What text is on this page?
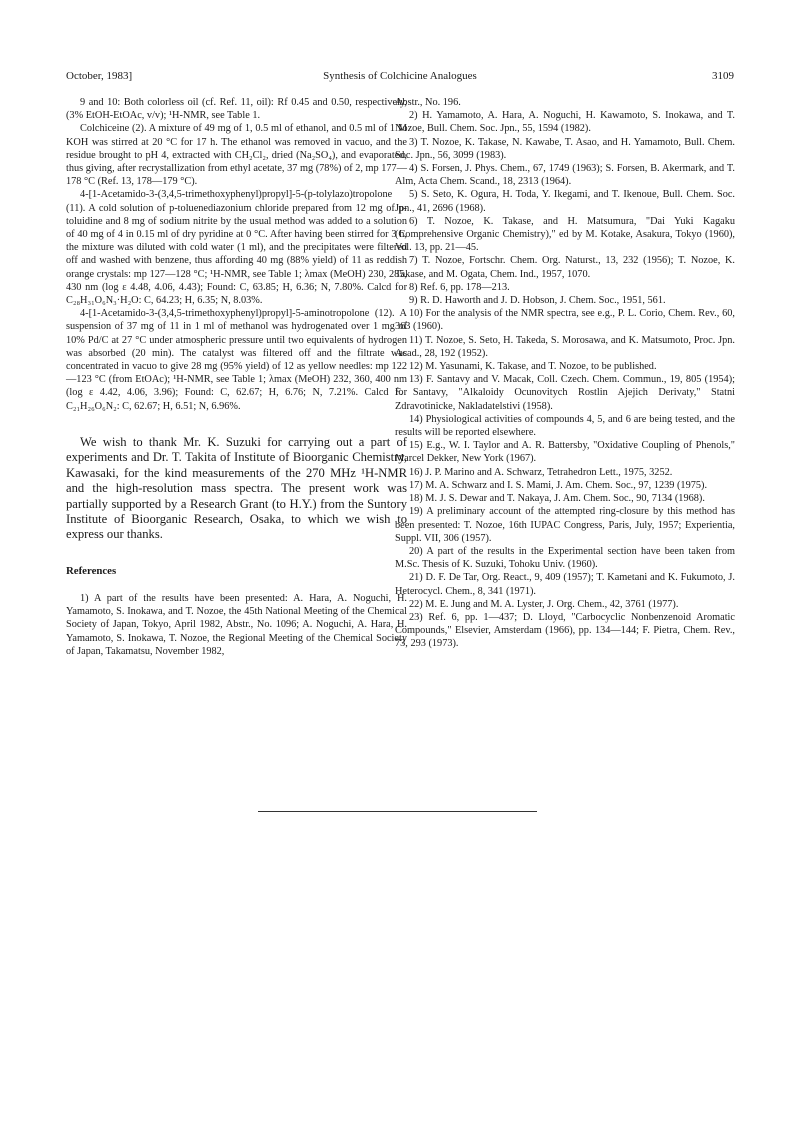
October, 1983]	Synthesis of Colchicine Analogues	3109

9 and 10: Both colorless oil (cf. Ref. 11, oil): Rf 0.45 and 0.50, respectively, (3% EtOH-EtOAc, v/v); ¹H-NMR, see Table 1.

Colchiceine (2). A mixture of 49 mg of 1, 0.5 ml of ethanol, and 0.5 ml of 1 M KOH was stirred at 20 °C for 17 h. The ethanol was removed in vacuo, and the residue brought to pH 4, extracted with CH₂Cl₂, dried (Na₂SO₄), and evaporated, thus giving, after recrystallization from ethyl acetate, 37 mg (78%) of 2, mp 177—178 °C (Ref. 13, 178—179 °C).

4-[1-Acetamido-3-(3,4,5-trimethoxyphenyl)propyl]-5-(p-tolylazo)tropolone (11). A cold solution of p-toluenediazonium chloride prepared from 12 mg of p-toluidine and 8 mg of sodium nitrite by the usual method was added to a solution of 40 mg of 4 in 0.15 ml of dry pyridine at 0 °C. After having been stirred for 3 h, the mixture was diluted with cold water (1 ml), and the precipitates were filtered off and washed with benzene, thus affording 40 mg (88% yield) of 11 as reddish orange crystals: mp 127—128 °C; ¹H-NMR, see Table 1; λmax (MeOH) 230, 285, 430 nm (log ε 4.48, 4.06, 4.43); Found: C, 63.85; H, 6.36; N, 7.80%. Calcd for C₂₈H₃₁O₆N₃·H₂O: C, 64.23; H, 6.35; N, 8.03%.

4-[1-Acetamido-3-(3,4,5-trimethoxyphenyl)propyl]-5-aminotropolone (12). A suspension of 37 mg of 11 in 1 ml of methanol was hydrogenated over 1 mg of 10% Pd/C at 27 °C under atmospheric pressure until two equivalents of hydrogen was absorbed (20 min). The catalyst was filtered off and the filtrate was concentrated in vacuo to give 28 mg (95% yield) of 12 as yellow needles: mp 122—123 °C (from EtOAc); ¹H-NMR, see Table 1; λmax (MeOH) 232, 360, 400 nm (log ε 4.42, 4.06, 3.96); Found: C, 62.67; H, 6.76; N, 7.21%. Calcd for C₂₁H₂₆O₆N₂: C, 62.67; H, 6.51; N, 6.96%.

We wish to thank Mr. K. Suzuki for carrying out a part of experiments and Dr. T. Takita of Institute of Bioorganic Chemistry, Kawasaki, for the kind measurements of the 270 MHz ¹H-NMR and the high-resolution mass spectra. The present work was partially supported by a Research Grant (to H.Y.) from the Suntory Institute of Bioorganic Research, Osaka, to which we wish to express our thanks.

References

1) A part of the results have been presented: A. Hara, A. Noguchi, H. Yamamoto, S. Inokawa, and T. Nozoe, the 45th National Meeting of the Chemical Society of Japan, Tokyo, April 1982, Abstr., No. 1096; A. Noguchi, A. Hara, H. Yamamoto, S. Inokawa, T. Nozoe, the Regional Meeting of the Chemical Society of Japan, Takamatsu, November 1982,

Abstr., No. 196.

2) H. Yamamoto, A. Hara, A. Noguchi, H. Kawamoto, S. Inokawa, and T. Nozoe, Bull. Chem. Soc. Jpn., 55, 1594 (1982).

3) T. Nozoe, K. Takase, N. Kawabe, T. Asao, and H. Yamamoto, Bull. Chem. Soc. Jpn., 56, 3099 (1983).

4) S. Forsen, J. Phys. Chem., 67, 1749 (1963); S. Forsen, B. Akermark, and T. Alm, Acta Chem. Scand., 18, 2313 (1964).

5) S. Seto, K. Ogura, H. Toda, Y. Ikegami, and T. Ikenoue, Bull. Chem. Soc. Jpn., 41, 2696 (1968).

6) T. Nozoe, K. Takase, and H. Matsumura, "Dai Yuki Kagaku (Comprehensive Organic Chemistry)," ed by M. Kotake, Asakura, Tokyo (1960), Vol. 13, pp. 21—45.

7) T. Nozoe, Fortschr. Chem. Org. Naturst., 13, 232 (1956); T. Nozoe, K. Takase, and M. Ogata, Chem. Ind., 1957, 1070.

8) Ref. 6, pp. 178—213.

9) R. D. Haworth and J. D. Hobson, J. Chem. Soc., 1951, 561.

10) For the analysis of the NMR spectra, see e.g., P. L. Corio, Chem. Rev., 60, 363 (1960).

11) T. Nozoe, S. Seto, H. Takeda, S. Morosawa, and K. Matsumoto, Proc. Jpn. Acad., 28, 192 (1952).

12) M. Yasunami, K. Takase, and T. Nozoe, to be published.

13) F. Santavy and V. Macak, Coll. Czech. Chem. Commun., 19, 805 (1954); F. Santavy, "Alkaloidy Ocunovitych Rostlin Ajejich Derivaty," Statni Zdravotinicke, Nakladatelstivi (1958).

14) Physiological activities of compounds 4, 5, and 6 are being tested, and the results will be reported elsewhere.

15) E.g., W. I. Taylor and A. R. Battersby, "Oxidative Coupling of Phenols," Marcel Dekker, New York (1967).

16) J. P. Marino and A. Schwarz, Tetrahedron Lett., 1975, 3252.

17) M. A. Schwarz and I. S. Mami, J. Am. Chem. Soc., 97, 1239 (1975).

18) M. J. S. Dewar and T. Nakaya, J. Am. Chem. Soc., 90, 7134 (1968).

19) A preliminary account of the attempted ring-closure by this method has been presented: T. Nozoe, 16th IUPAC Congress, Paris, July, 1957; Experientia, Suppl. VII, 306 (1957).

20) A part of the results in the Experimental section have been taken from M.Sc. Thesis of K. Suzuki, Tohoku Univ. (1960).

21) D. F. De Tar, Org. React., 9, 409 (1957); T. Kametani and K. Fukumoto, J. Heterocycl. Chem., 8, 341 (1971).

22) M. E. Jung and M. A. Lyster, J. Org. Chem., 42, 3761 (1977).

23) Ref. 6, pp. 1—437; D. Lloyd, "Carbocyclic Nonbenzenoid Aromatic Compounds," Elsevier, Amsterdam (1966), pp. 134—144; F. Pietra, Chem. Rev., 73, 293 (1973).
